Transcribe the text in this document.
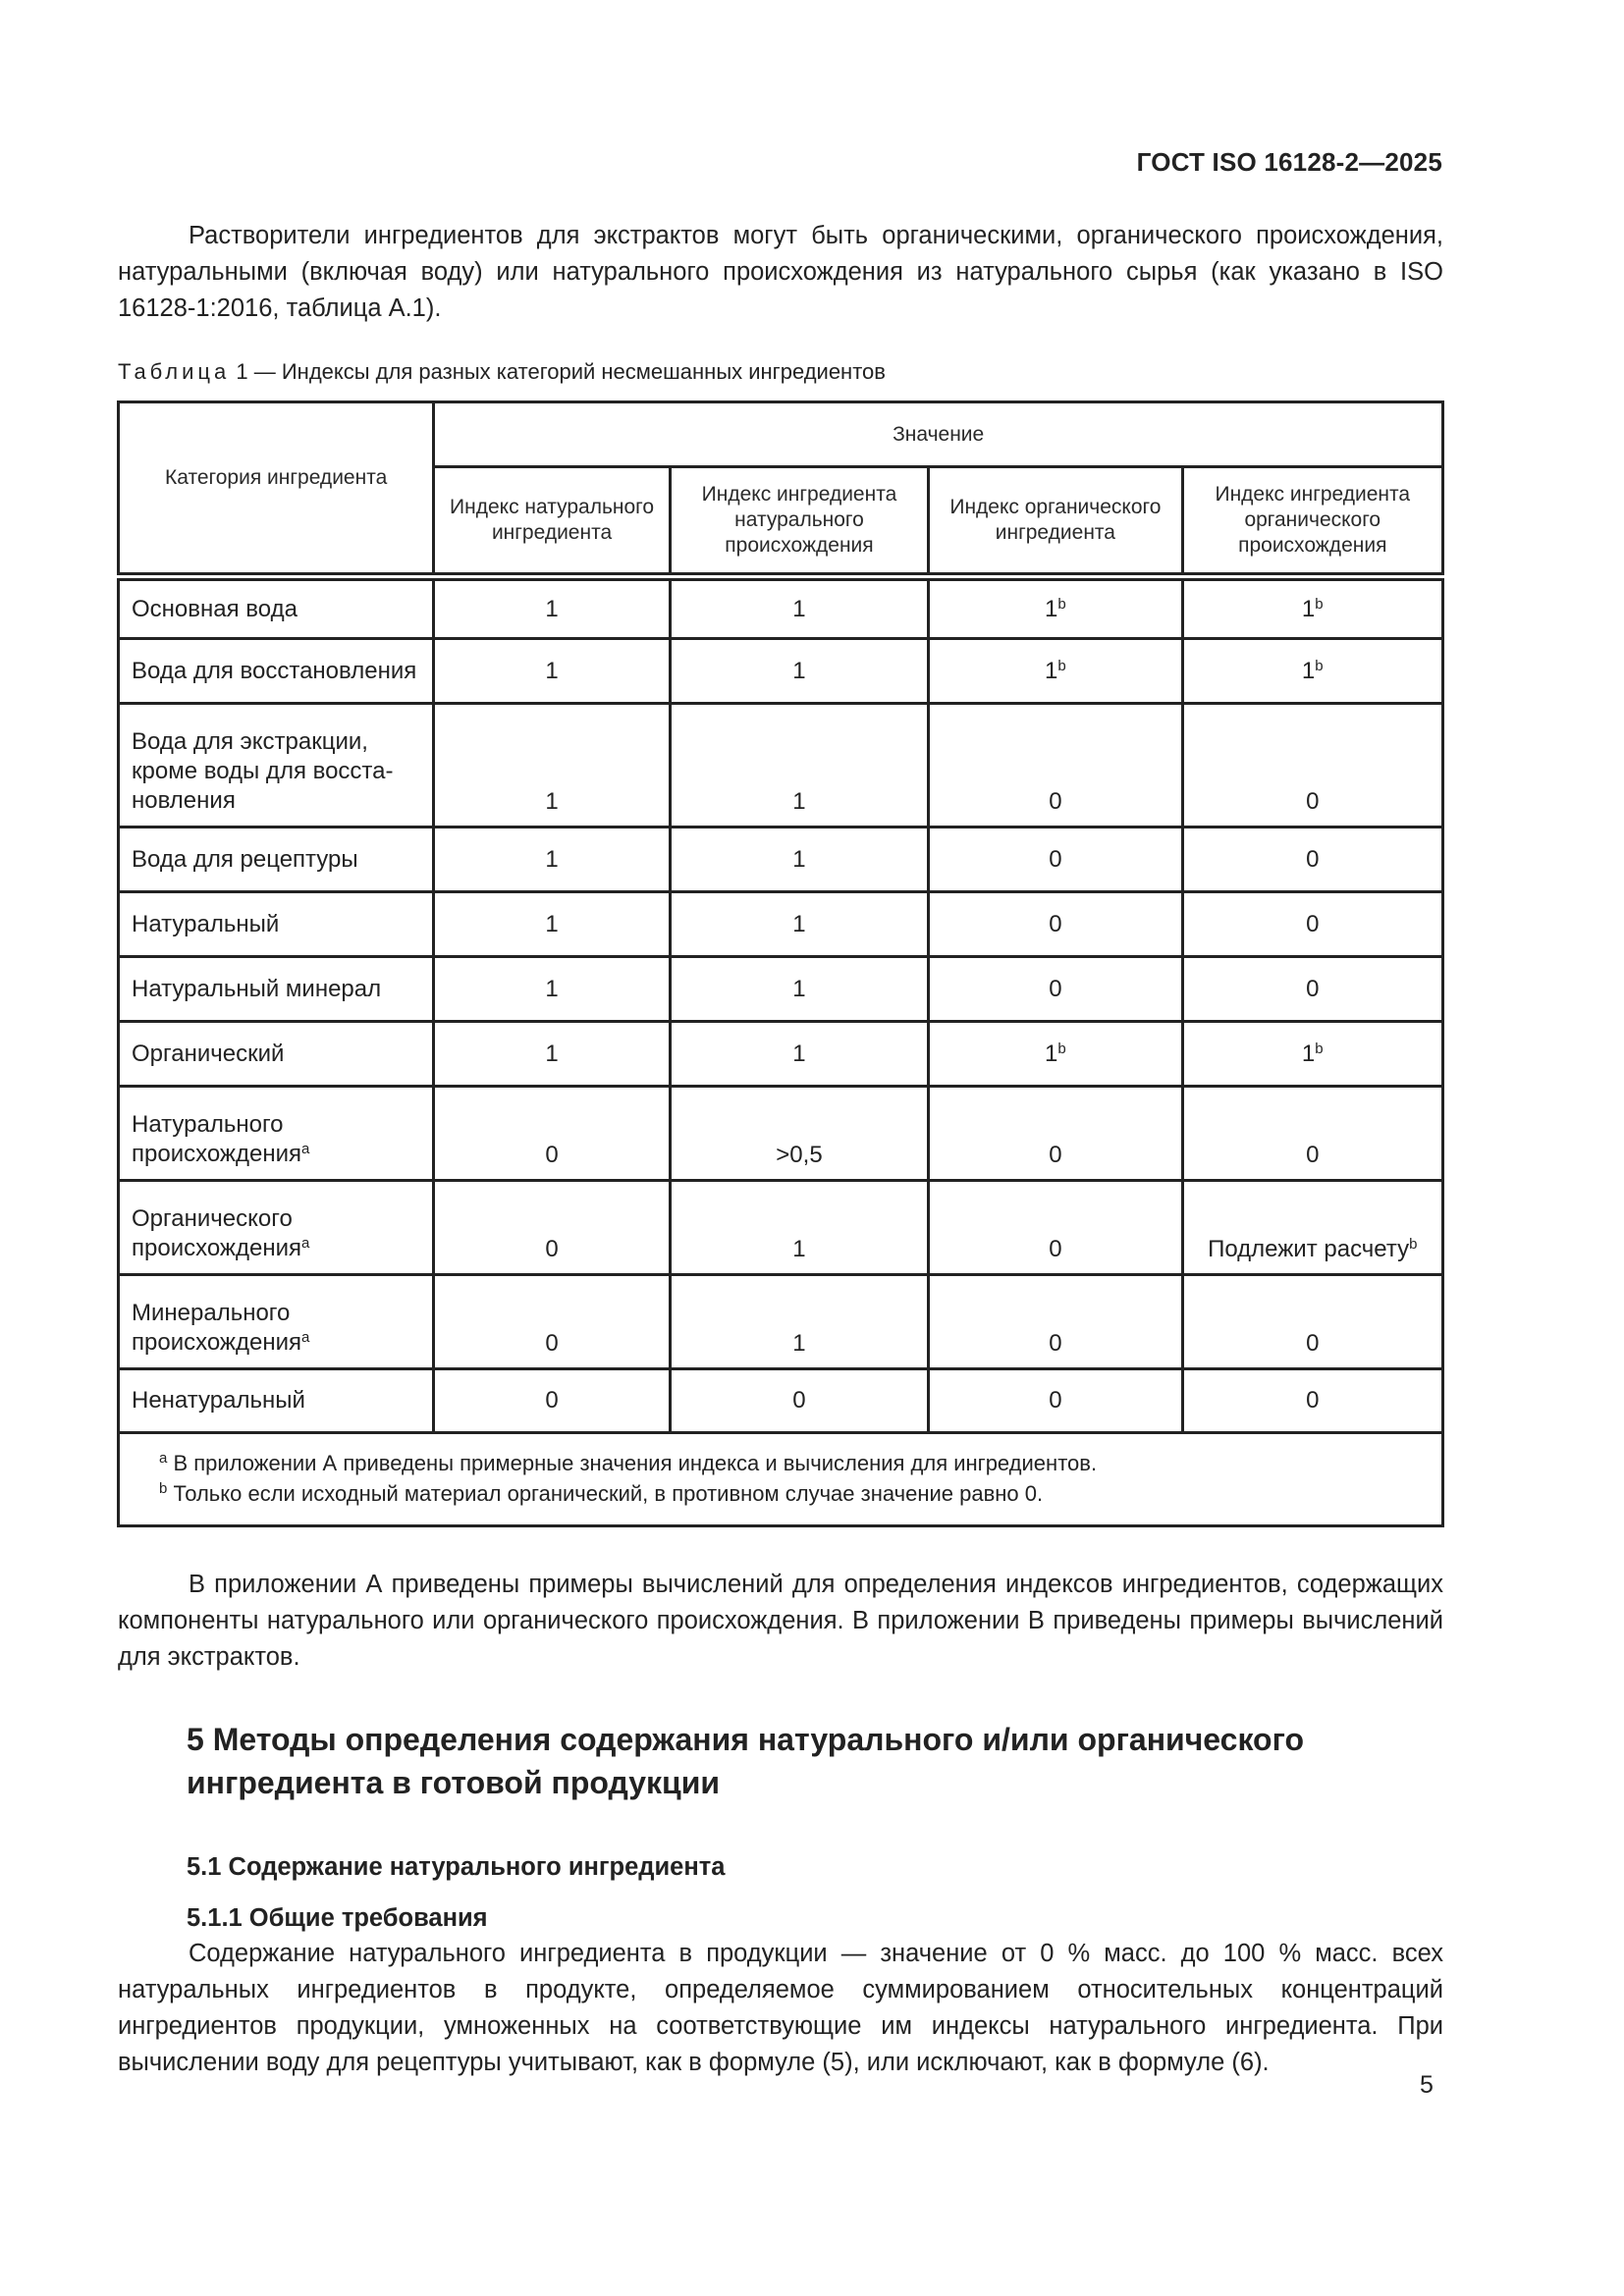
ГОСТ ISO 16128-2—2025
Растворители ингредиентов для экстрактов могут быть органическими, органического происхождения, натуральными (включая воду) или натурального происхождения из натурального сырья (как указано в ISO 16128-1:2016, таблица А.1).
Таблица 1 — Индексы для разных категорий несмешанных ингредиентов
Категория ингредиента	Значение			
	Индекс натурального ингредиента	Индекс ингредиента натурального происхождения	Индекс органического ингредиента	Индекс ингредиента органического происхождения
Основная вода	1	1	1$^b$	1$^b$
Вода для восстановления	1	1	1$^b$	1$^b$
Вода для экстракции,
кроме воды для восста-
новления	1	1	0	0
Вода для рецептуры	1	1	0	0
Натуральный	1	1	0	0
Натуральный минерал	1	1	0	0
Органический	1	1	1$^b$	1$^b$
Натурального
происхождения$^a$	0	>0,5	0	0
Органического
происхождения$^a$	0	1	0	Подлежит расчету$^b$
Минерального
происхождения$^a$	0	1	0	0
Ненатуральный	0	0	0	0

$^a$ В приложении А приведены примерные значения индекса и вычисления для ингредиентов.
$^b$ Только если исходный материал органический, в противном случае значение равно 0.				
В приложении А приведены примеры вычислений для определения индексов ингредиентов, содержащих компоненты натурального или органического происхождения. В приложении В приведены примеры вычислений для экстрактов.
5 Методы определения содержания натурального и/или органического ингредиента в готовой продукции
5.1 Содержание натурального ингредиента
5.1.1 Общие требования
Содержание натурального ингредиента в продукции — значение от 0 % масс. до 100 % масс. всех натуральных ингредиентов в продукте, определяемое суммированием относительных концентраций ингредиентов продукции, умноженных на соответствующие им индексы натурального ингредиента. При вычислении воду для рецептуры учитывают, как в формуле (5), или исключают, как в формуле (6).
5
